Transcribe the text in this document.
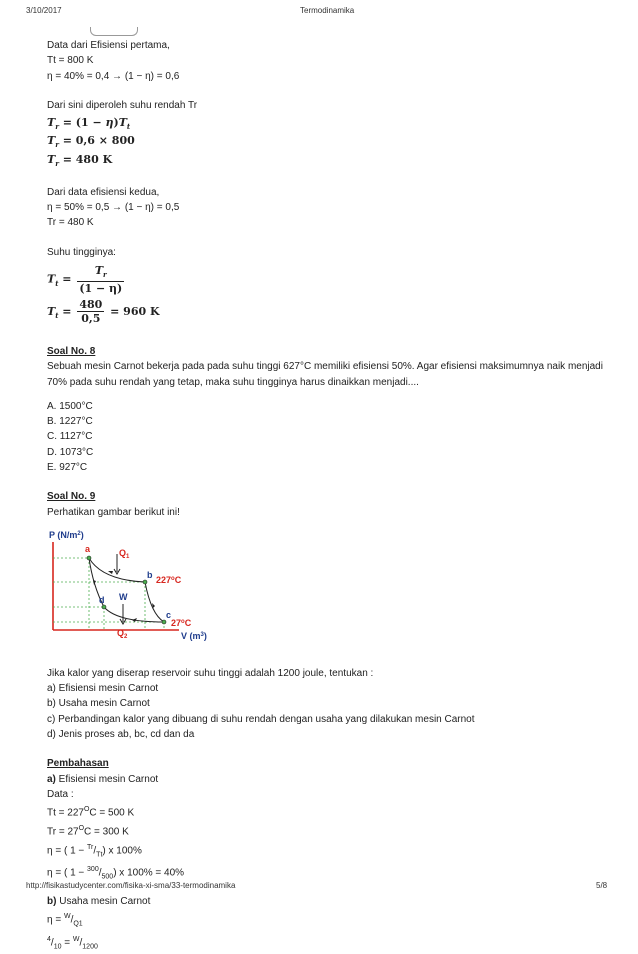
3/10/2017	Termodinamika
Data dari Efisiensi pertama,
Tt = 800 K
η = 40% = 0,4 → (1 − η) = 0,6
Dari sini diperoleh suhu rendah Tr
$T_r = (1 - \eta)T_t$
$T_r = 0,6 \times 800$
$T_r = 480$ K
Dari data efisiensi kedua,
η = 50% = 0,5 → (1 − η) = 0,5
Tr = 480 K
Suhu tingginya:
$T_t = \frac{T_r}{(1 - \eta)}$
$T_t = \frac{480}{0,5} = 960$ K
Soal No. 8
Sebuah mesin Carnot bekerja pada pada suhu tinggi 627°C memiliki efisiensi 50%. Agar efisiensi maksimumnya naik menjadi 70% pada suhu rendah yang tetap, maka suhu tingginya harus dinaikkan menjadi....
A. 1500°C
B. 1227°C
C. 1127°C
D. 1073°C
E. 927°C
Soal No. 9
Perhatikan gambar berikut ini!
P $(N/m^2)$
V $(m^3)$
a
b
c
d
$Q_1$
$Q_2$
W
227$^o$C
27$^o$C
Jika kalor yang diserap reservoir suhu tinggi adalah 1200 joule, tentukan :
a) Efisiensi mesin Carnot
b) Usaha mesin Carnot
c) Perbandingan kalor yang dibuang di suhu rendah dengan usaha yang dilakukan mesin Carnot
d) Jenis proses ab, bc, cd dan da
Pembahasan
a) Efisiensi mesin Carnot
Data :
$Tt = 227^OC = 500$ K
$Tr = 27^OC = 300$ K
η = ( $1 - ^{Tr}/_{Tt}$) x 100%
η = ( $1 - ^{300}/_{500}$) x 100% = 40%
b) Usaha mesin Carnot
$\eta = ^W/_{Q1}$
$^4/_{10} = ^W/_{1200}$
http://fisikastudycenter.com/fisika-xi-sma/33-termodinamika	5/8
